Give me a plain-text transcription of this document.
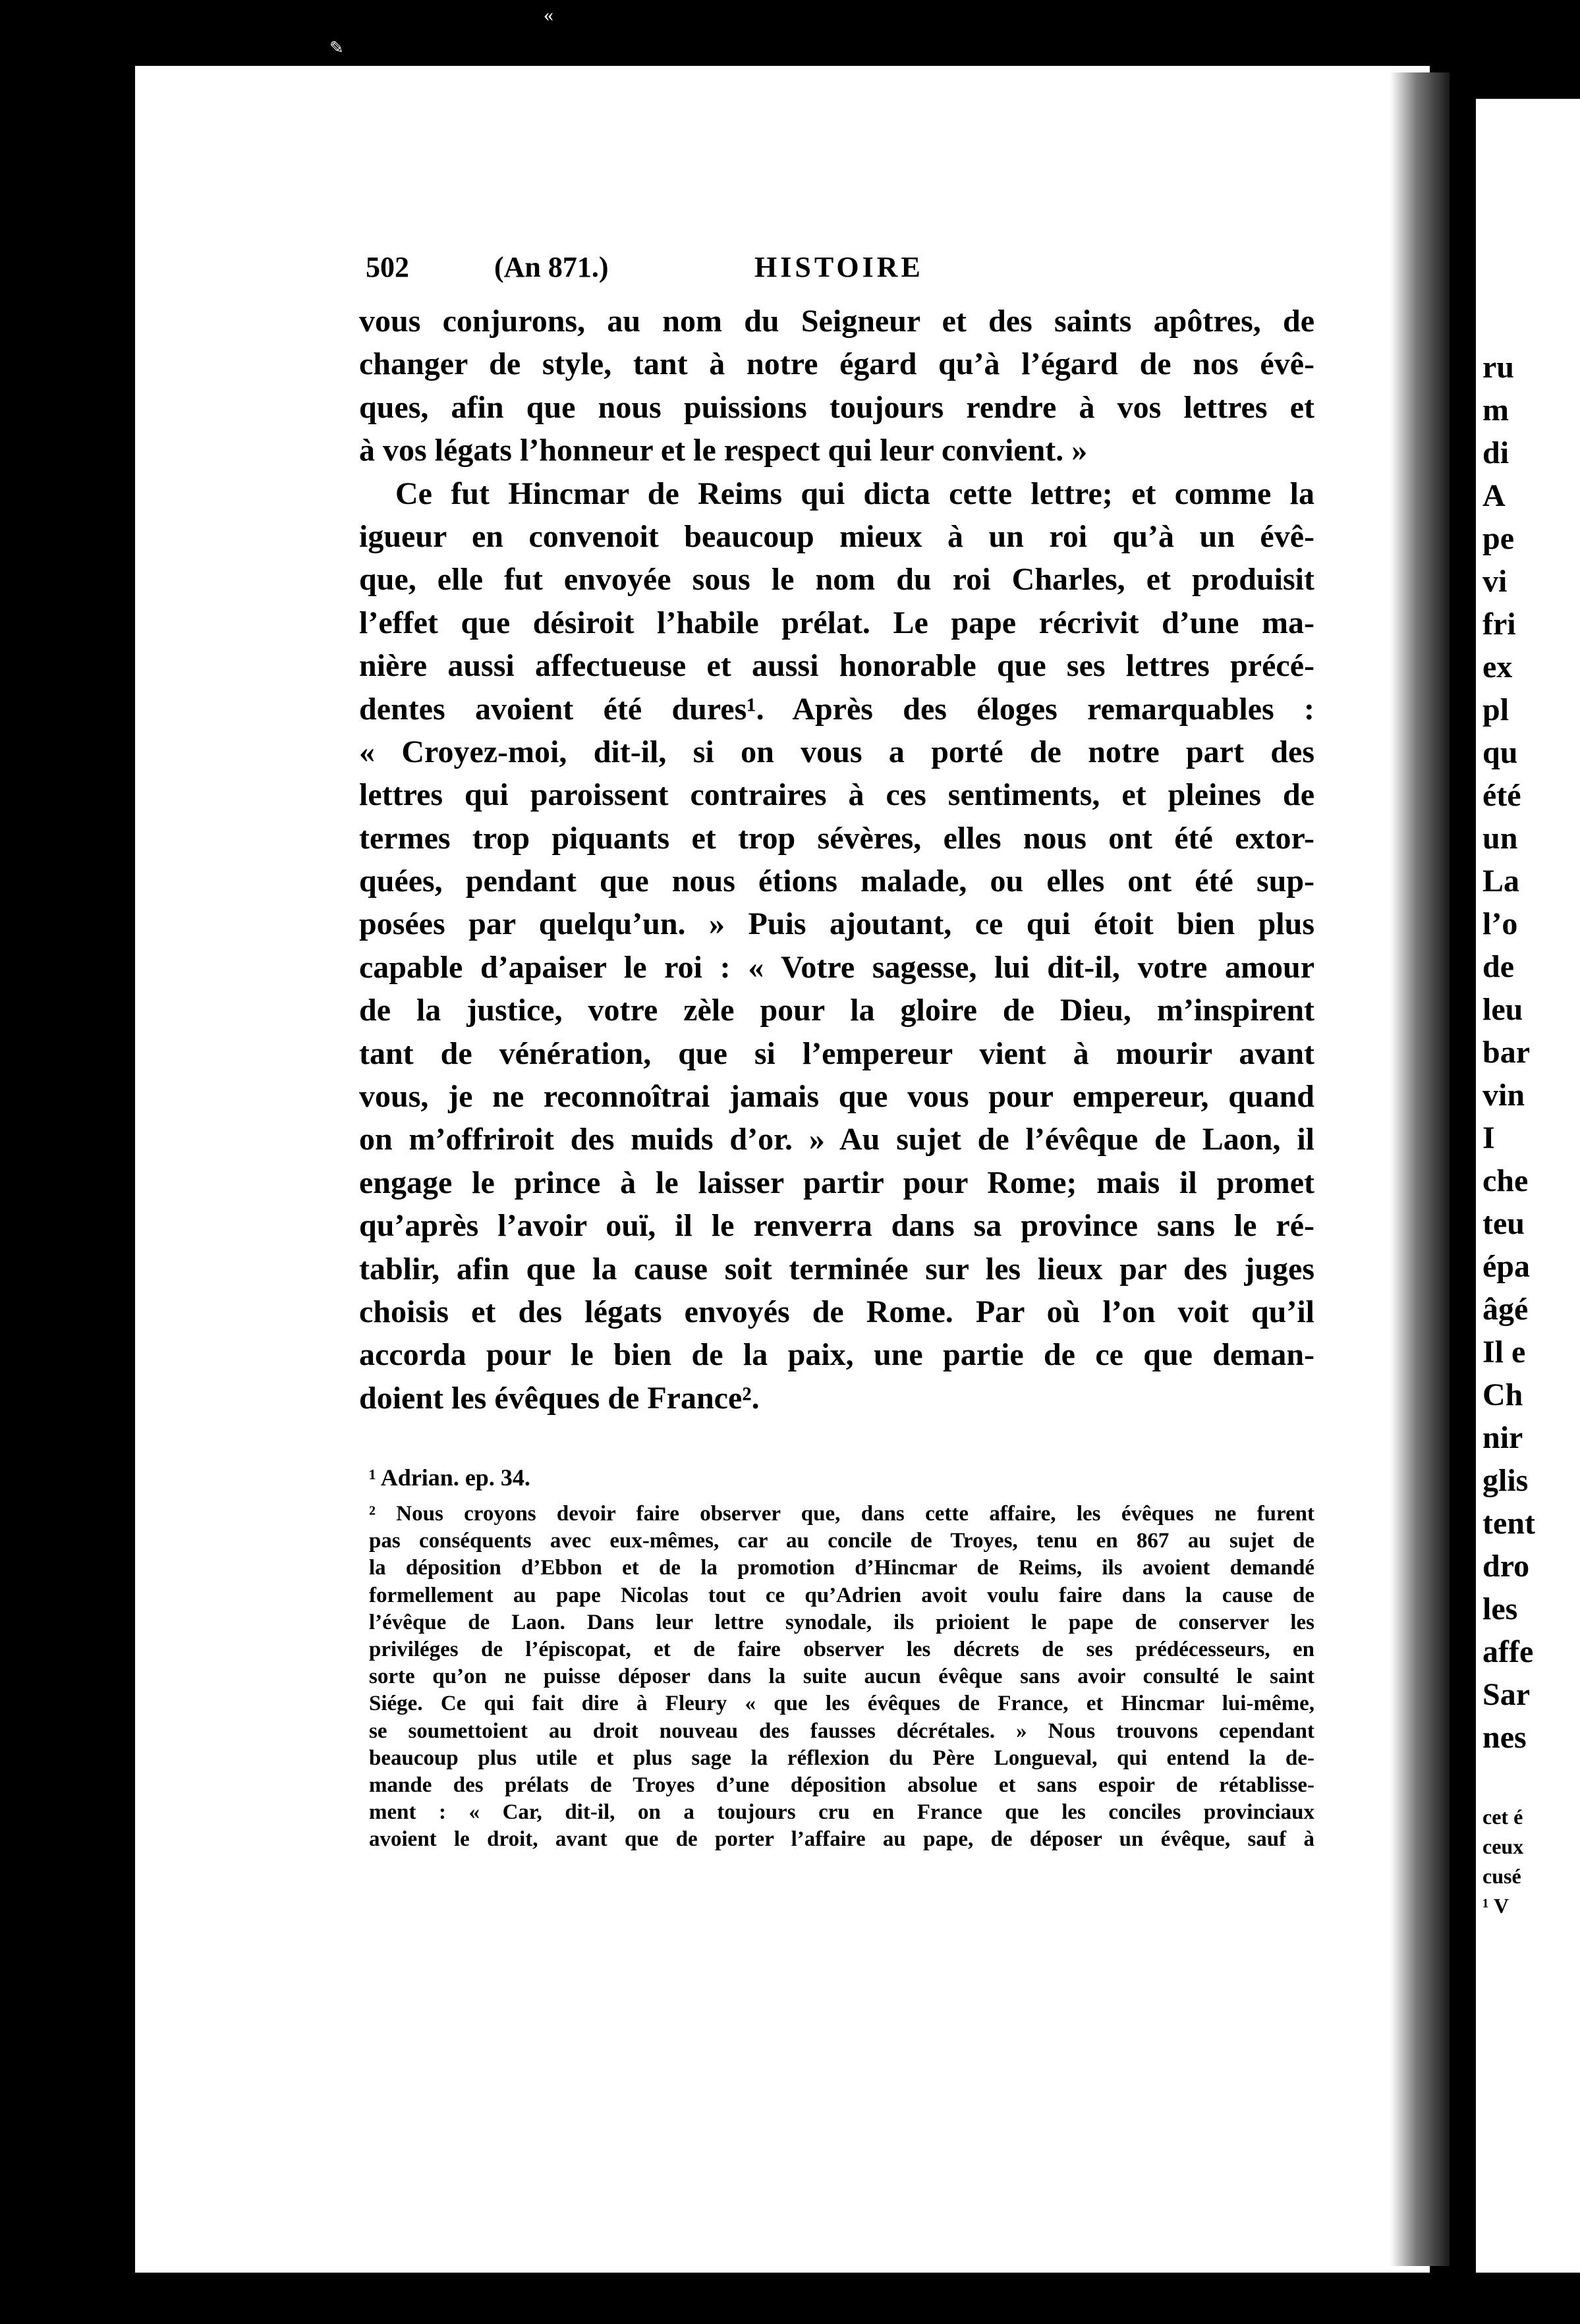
«
✎
502	(An 871.)	HISTOIRE
vous conjurons, au nom du Seigneur et des saints apôtres, de
changer de style, tant à notre égard qu’à l’égard de nos évê-
ques, afin que nous puissions toujours rendre à vos lettres et
à vos légats l’honneur et le respect qui leur convient. »
Ce fut Hincmar de Reims qui dicta cette lettre; et comme la
igueur en convenoit beaucoup mieux à un roi qu’à un évê-
que, elle fut envoyée sous le nom du roi Charles, et produisit
l’effet que désiroit l’habile prélat. Le pape récrivit d’une ma-
nière aussi affectueuse et aussi honorable que ses lettres précé-
dentes avoient été dures¹. Après des éloges remarquables :
« Croyez-moi, dit-il, si on vous a porté de notre part des
lettres qui paroissent contraires à ces sentiments, et pleines de
termes trop piquants et trop sévères, elles nous ont été extor-
quées, pendant que nous étions malade, ou elles ont été sup-
posées par quelqu’un. » Puis ajoutant, ce qui étoit bien plus
capable d’apaiser le roi : « Votre sagesse, lui dit-il, votre amour
de la justice, votre zèle pour la gloire de Dieu, m’inspirent
tant de vénération, que si l’empereur vient à mourir avant
vous, je ne reconnoîtrai jamais que vous pour empereur, quand
on m’offriroit des muids d’or. » Au sujet de l’évêque de Laon, il
engage le prince à le laisser partir pour Rome; mais il promet
qu’après l’avoir ouï, il le renverra dans sa province sans le ré-
tablir, afin que la cause soit terminée sur les lieux par des juges
choisis et des légats envoyés de Rome. Par où l’on voit qu’il
accorda pour le bien de la paix, une partie de ce que deman-
doient les évêques de France².
¹ Adrian. ep. 34.
² Nous croyons devoir faire observer que, dans cette affaire, les évêques ne furent
pas conséquents avec eux-mêmes, car au concile de Troyes, tenu en 867 au sujet de
la déposition d’Ebbon et de la promotion d’Hincmar de Reims, ils avoient demandé
formellement au pape Nicolas tout ce qu’Adrien avoit voulu faire dans la cause de
l’évêque de Laon. Dans leur lettre synodale, ils prioient le pape de conserver les
priviléges de l’épiscopat, et de faire observer les décrets de ses prédécesseurs, en
sorte qu’on ne puisse déposer dans la suite aucun évêque sans avoir consulté le saint
Siége. Ce qui fait dire à Fleury « que les évêques de France, et Hincmar lui-même,
se soumettoient au droit nouveau des fausses décrétales. » Nous trouvons cependant
beaucoup plus utile et plus sage la réflexion du Père Longueval, qui entend la de-
mande des prélats de Troyes d’une déposition absolue et sans espoir de rétablisse-
ment : « Car, dit-il, on a toujours cru en France que les conciles provinciaux
avoient le droit, avant que de porter l’affaire au pape, de déposer un évêque, sauf à
ru
m
di
A
pe
vi
fri
ex
pl
qu
été
un
La
l’o
de
leu
bar
vin
I
che
teu
épa
âgé
Il e
Ch
nir
glis
tent
dro
les
affe
Sar
nes
cet é
ceux
cusé
¹ V
